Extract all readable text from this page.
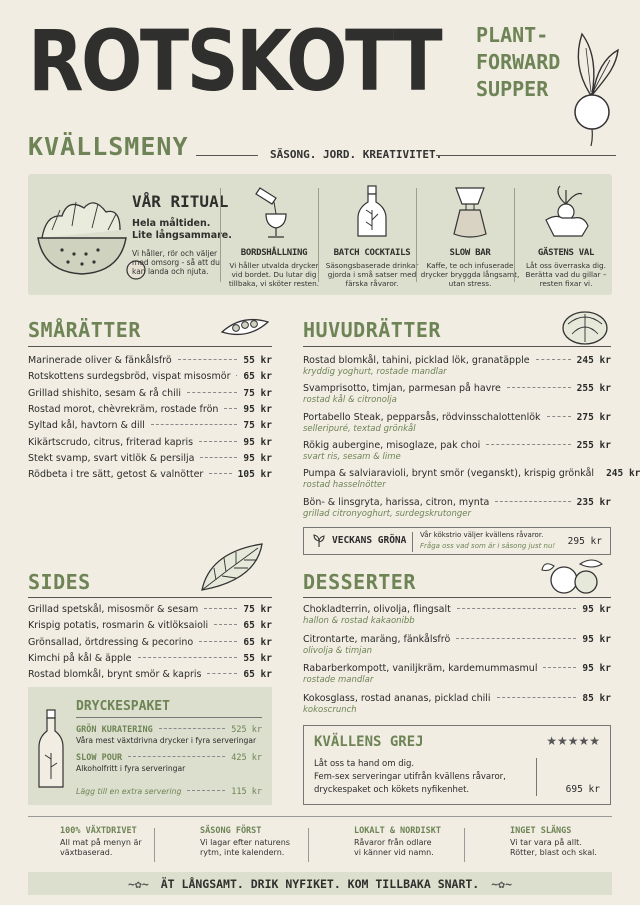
ROTSKOTT PLANT-
FORWARD
SUPPER
KVÄLLSMENY	SÄSONG. JORD. KREATIVITET.
VÅR RITUAL
Hela måltiden.
Lite långsammare.
Vi håller, rör och väljer med omsorg - så att du kan landa och njuta.
BORDSHÅLLNING

Vi håller utvalda drycker vid bordet. Du lutar dig tillbaka, vi sköter resten.

BATCH COCKTAILS

Säsongsbaserade drinkar gjorda i små satser med färska råvaror.

SLOW BAR

Kaffe, te och infuserade drycker bryggda långsamt, utan stress.

GÄSTENS VAL

Låt oss överraska dig. Berätta vad du gillar – resten fixar vi.

SMÅRÄTTER
Marinerade oliver & fänkålsfrö	55 kr
Rotskottens surdegsbröd, vispat misosmör 65 kr
Grillad shishito, sesam & rå chili	75 kr
Rostad morot, chèvrekräm, rostade frön	95 kr
Syltad kål, havtorn & dill	75 kr
Kikärtscrudo, citrus, friterad kapris	95 kr
Stekt svamp, svart vitlök & persilja	95 kr
Rödbeta i tre sätt, getost & valnötter	105 kr
HUVUDRÄTTER
Rostad blomkål, tahini, picklad lök, granatäpple	245 kr
kryddig yoghurt, rostade mandlar
Svamprisotto, timjan, parmesan på havre	255 kr
rostad kål & citronolja
Portabello Steak, pepparsås, rödvinsschalottenlök	275 kr
selleripuré, textad grönkål
Rökig aubergine, misoglaze, pak choi	255 kr
svart ris, sesam & lime
Pumpa & salviaravioli, brynt smör (veganskt), krispig grönkål 245 kr
rostad hasselnötter
Bön- & linsgryta, harissa, citron, mynta	235 kr
grillad citronyoghurt, surdegskrutonger
VECKANS GRÖNA Vår kökstrio väljer kvällens råvaror.
Fråga oss vad som är i säsong just nu! 295 kr
SIDES
Grillad spetskål, misosmör & sesam	75 kr
Krispig potatis, rosmarin & vitlöksaioli	65 kr
Grönsallad, örtdressing & pecorino	65 kr
Kimchi på kål & äpple	55 kr
Rostad blomkål, brynt smör & kapris	65 kr
DESSERTER
Chokladterrin, olivolja, flingsalt	95 kr
hallon & rostad kakaonibb
Citrontarte, maräng, fänkålsfrö	95 kr
olivolja & timjan
Rabarberkompott, vaniljkräm, kardemummasmul	95 kr
rostade mandlar
Kokosglass, rostad ananas, picklad chili	85 kr
kokoscrunch
DRYCKESPAKET
GRÖN KURATERING	525 kr
Våra mest växtdrivna drycker i fyra serveringar
SLOW POUR	425 kr
Alkoholfritt i fyra serveringar
Lägg till en extra servering	115 kr
KVÄLLENS GREJ	★★★★★
Låt oss ta hand om dig.
Fem-sex serveringar utifrån kvällens råvaror,
dryckespaket och kökets nyfikenhet.	695 kr
100% VÄXTDRIVET

All mat på menyn är
växtbaserad.

SÄSONG FÖRST

Vi lagar efter naturens
rytm, inte kalendern.

LOKALT & NORDISKT

Råvaror från odlare
vi känner vid namn.

INGET SLÄNGS

Vi tar vara på allt.
Rötter, blast och skal.

~✿~ ÄT LÅNGSAMT. DRIK NYFIKET. KOM TILLBAKA SNART. ~✿~
